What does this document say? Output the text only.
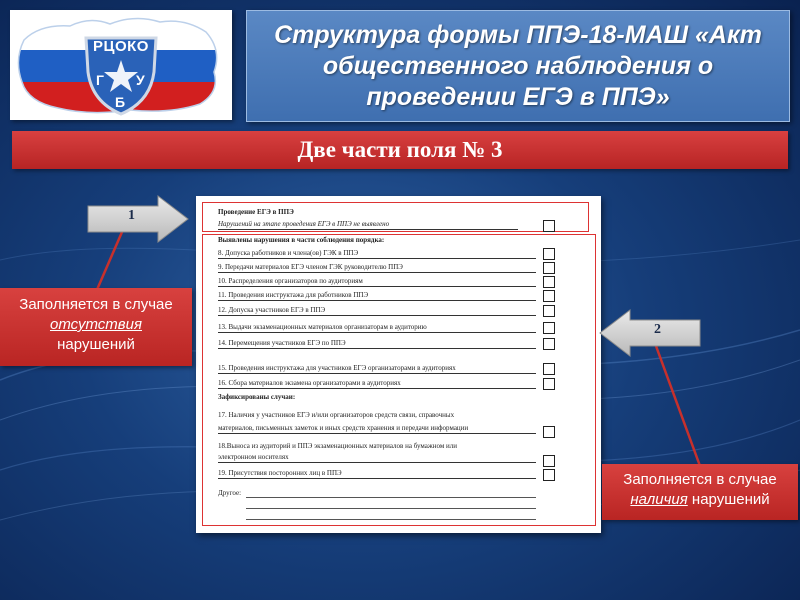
РЦОКО
Г У
Б
Структура формы ППЭ-18-МАШ «Акт общественного наблюдения о проведении ЕГЭ в ППЭ»
Две части поля № 3
Проведение ЕГЭ в ППЭ
Нарушений на этапе проведения ЕГЭ в ППЭ не выявлено
Выявлены нарушения в части соблюдения порядка:
8. Допуска работников и члена(ов) ГЭК в ППЭ
9. Передачи материалов ЕГЭ членом ГЭК руководителю ППЭ
10. Распределения организаторов по аудиториям
11. Проведения инструктажа для работников ППЭ
12. Допуска участников ЕГЭ в ППЭ
13. Выдачи экзаменационных материалов организаторам в аудиторию
14. Перемещения участников ЕГЭ по ППЭ
15. Проведения инструктажа для участников ЕГЭ организаторами в аудиториях
16. Сбора материалов экзамена организаторами в аудиториях
Зафиксированы случаи:
17. Наличия у участников ЕГЭ и/или организаторов средств связи, справочных
материалов, письменных заметок и иных средств хранения и передачи информации
18.Выноса из аудиторий и ППЭ экзаменационных материалов на бумажном или
электронном носителях
19. Присутствия посторонних лиц в ППЭ
Другое:
1
2
Заполняется в случае
отсутствия
нарушений
Заполняется в случае
наличия нарушений
